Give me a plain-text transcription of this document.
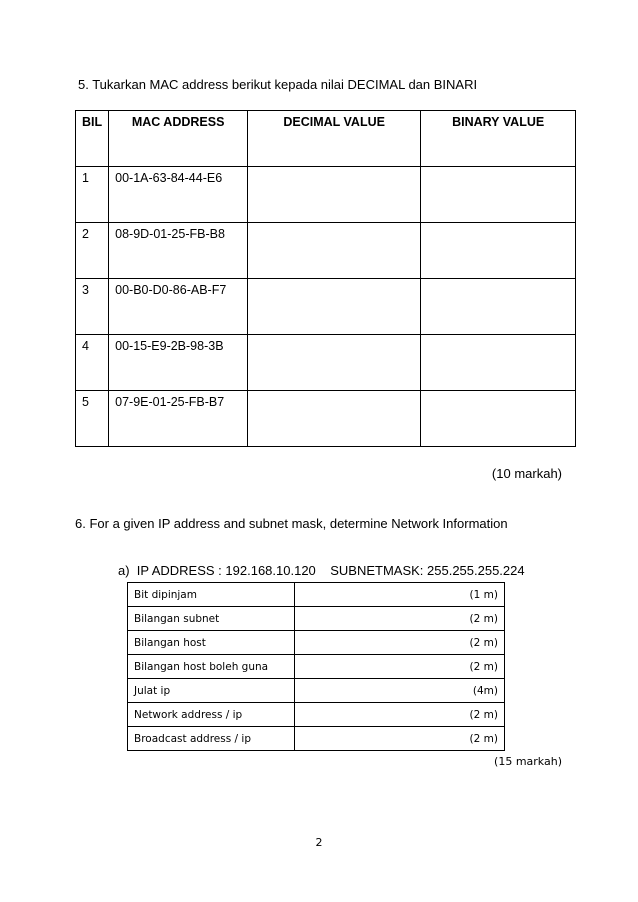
5. Tukarkan MAC address berikut kepada nilai DECIMAL dan BINARI
BIL	MAC ADDRESS	DECIMAL VALUE	BINARY VALUE
1	00-1A-63-84-44-E6		
2	08-9D-01-25-FB-B8		
3	00-B0-D0-86-AB-F7		
4	00-15-E9-2B-98-3B		
5	07-9E-01-25-FB-B7		
(10 markah)
6. For a given IP address and subnet mask, determine Network Information
a)  IP ADDRESS : 192.168.10.120    SUBNETMASK: 255.255.255.224
Bit dipinjam	(1 m)
Bilangan subnet	(2 m)
Bilangan host	(2 m)
Bilangan host boleh guna	(2 m)
Julat ip	(4m)
Network address / ip	(2 m)
Broadcast address / ip	(2 m)
(15 markah)
2
